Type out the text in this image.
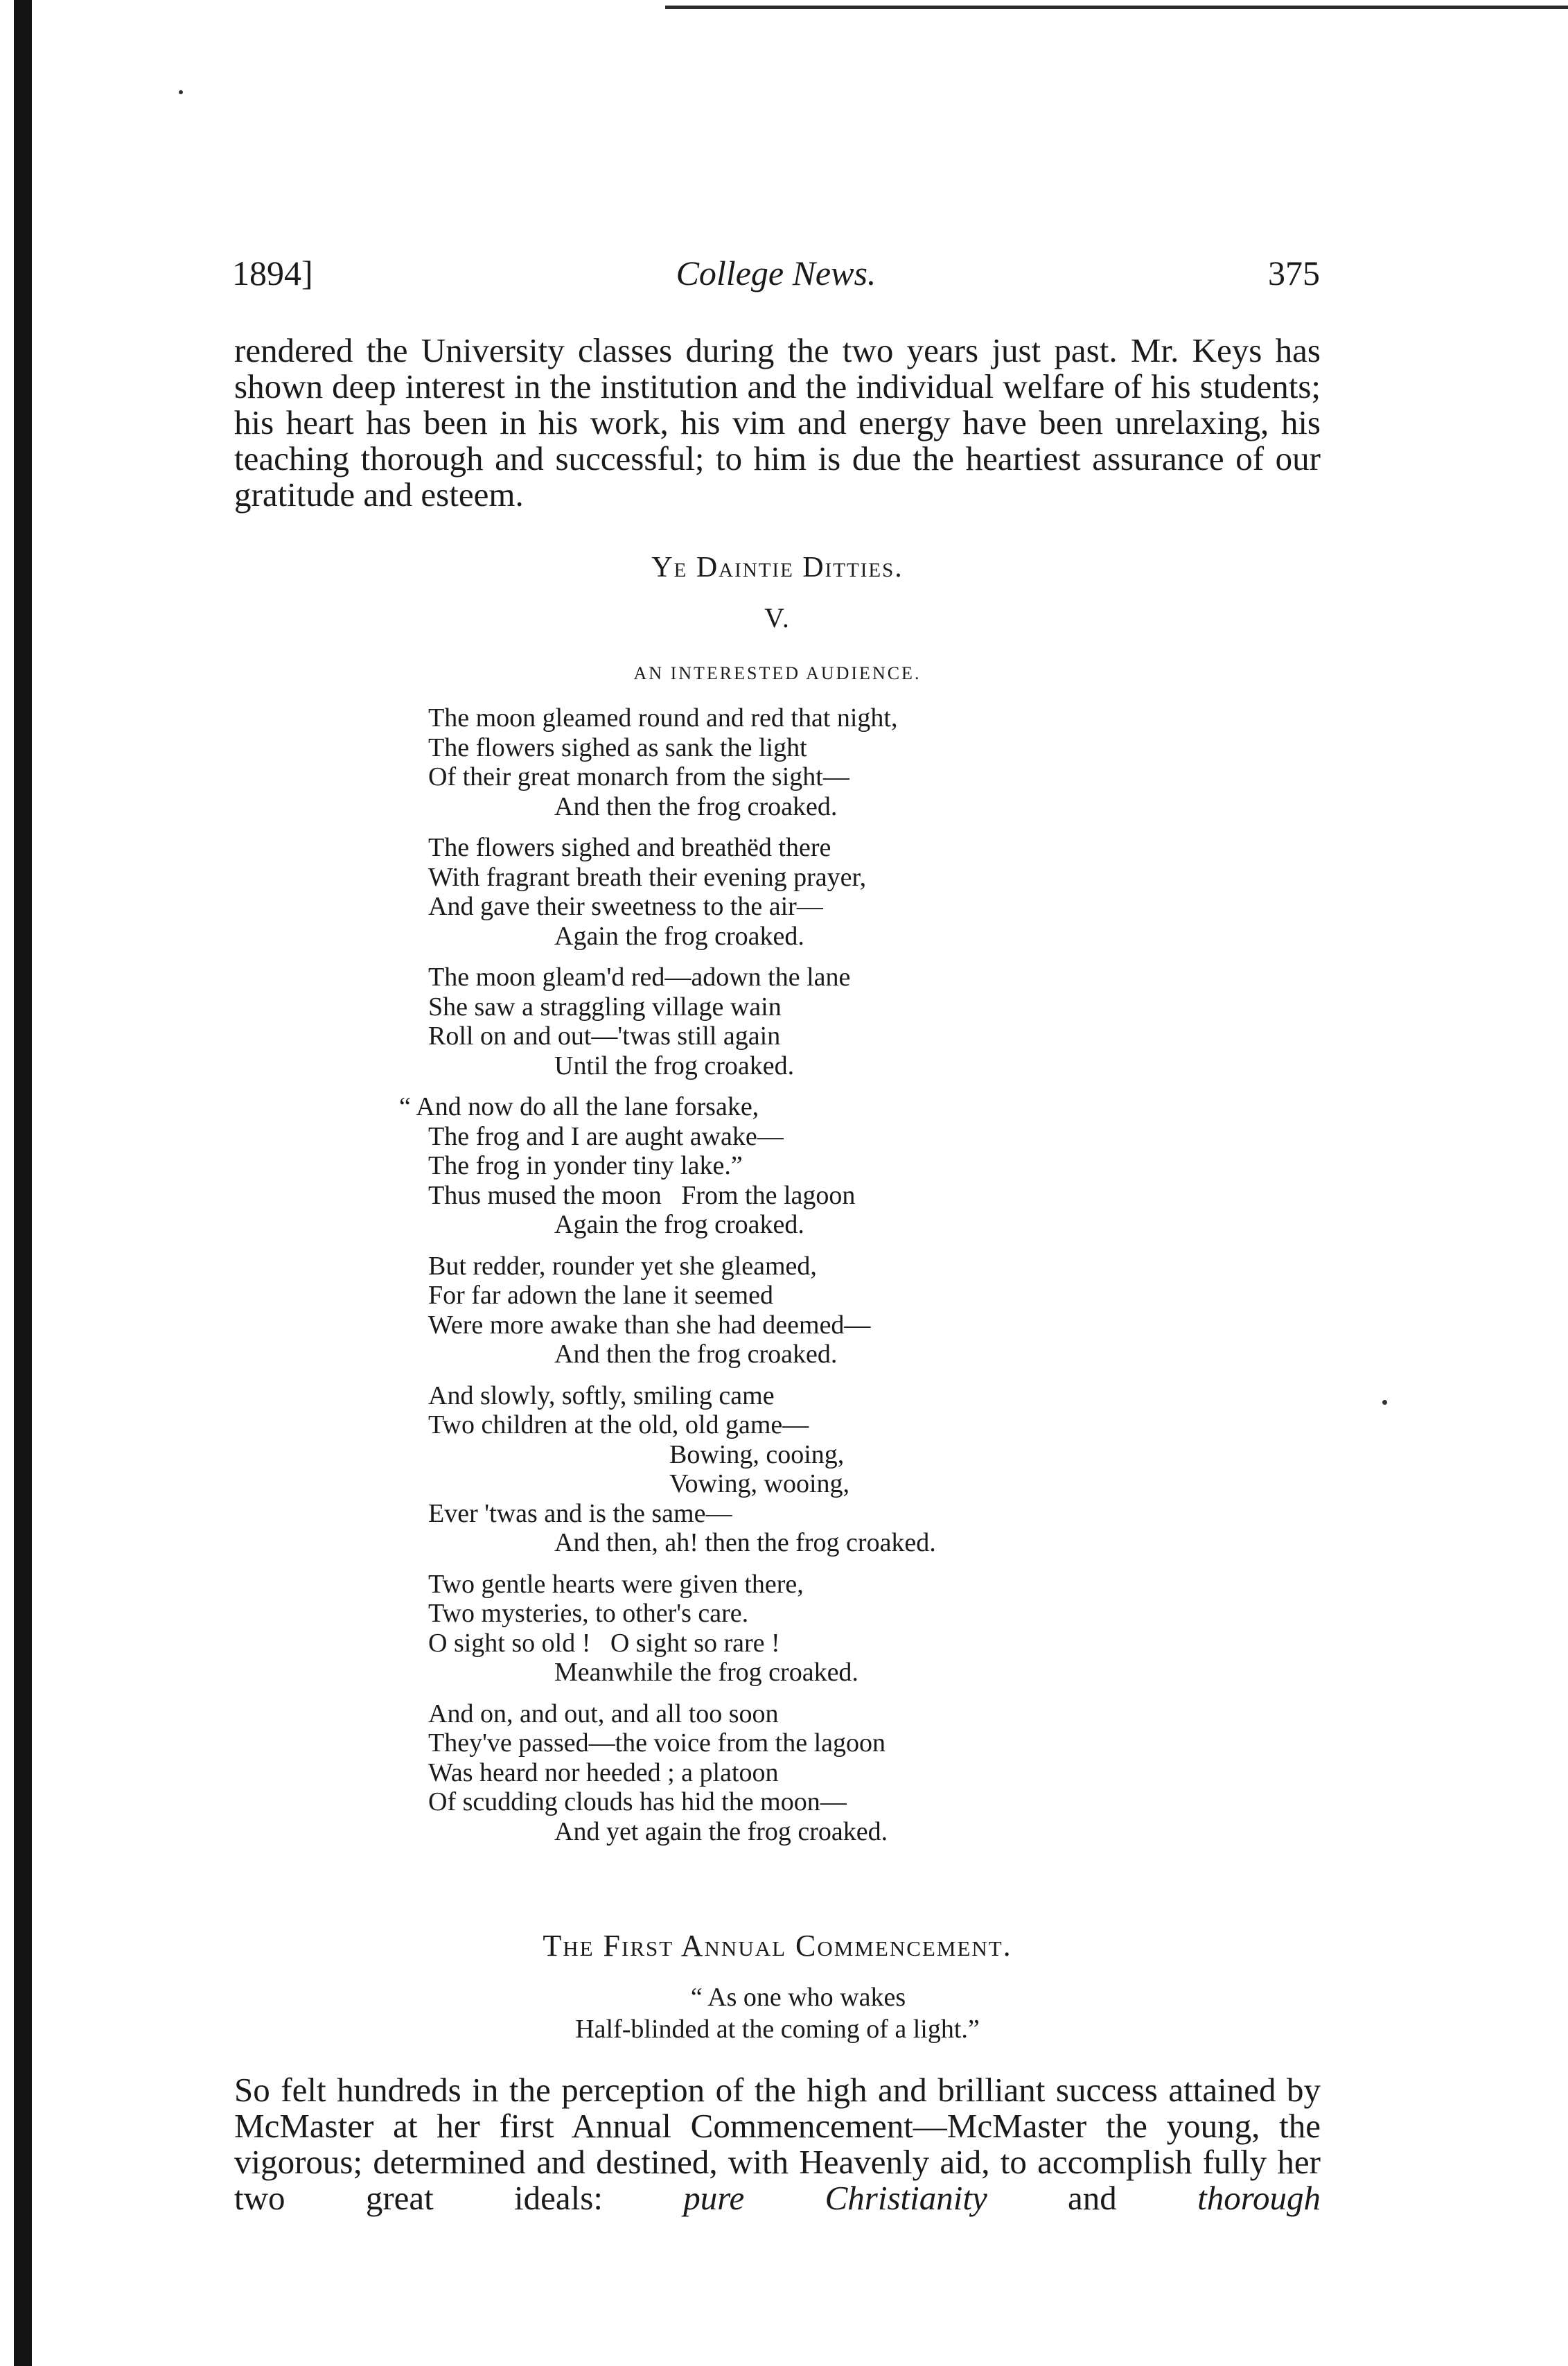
1894]	College News.	375

rendered the University classes during the two years just past. Mr. Keys has shown deep interest in the institution and the individual welfare of his students; his heart has been in his work, his vim and energy have been unrelaxing, his teaching thorough and successful; to him is due the heartiest assurance of our gratitude and esteem.

Ye Daintie Ditties.
V.
AN INTERESTED AUDIENCE.
The moon gleamed round and red that night,
The flowers sighed as sank the light
Of their great monarch from the sight—
And then the frog croaked.
The flowers sighed and breathëd there
With fragrant breath their evening prayer,
And gave their sweetness to the air—
Again the frog croaked.
The moon gleam'd red—adown the lane
She saw a straggling village wain
Roll on and out—'twas still again
Until the frog croaked.
“ And now do all the lane forsake,
The frog and I are aught awake—
The frog in yonder tiny lake.”
Thus mused the moon   From the lagoon
Again the frog croaked.
But redder, rounder yet she gleamed,
For far adown the lane it seemed
Were more awake than she had deemed—
And then the frog croaked.
And slowly, softly, smiling came
Two children at the old, old game—
Bowing, cooing,
Vowing, wooing,
Ever 'twas and is the same—
And then, ah! then the frog croaked.
Two gentle hearts were given there,
Two mysteries, to other's care.
O sight so old !   O sight so rare !
Meanwhile the frog croaked.
And on, and out, and all too soon
They've passed—the voice from the lagoon
Was heard nor heeded ; a platoon
Of scudding clouds has hid the moon—
And yet again the frog croaked.
The First Annual Commencement.
“ As one who wakes
Half-blinded at the coming of a light.”

So felt hundreds in the perception of the high and brilliant success attained by McMaster at her first Annual Commencement—McMaster the young, the vigorous; determined and destined, with Heavenly aid, to accomplish fully her two great ideals: pure Christianity and thorough
